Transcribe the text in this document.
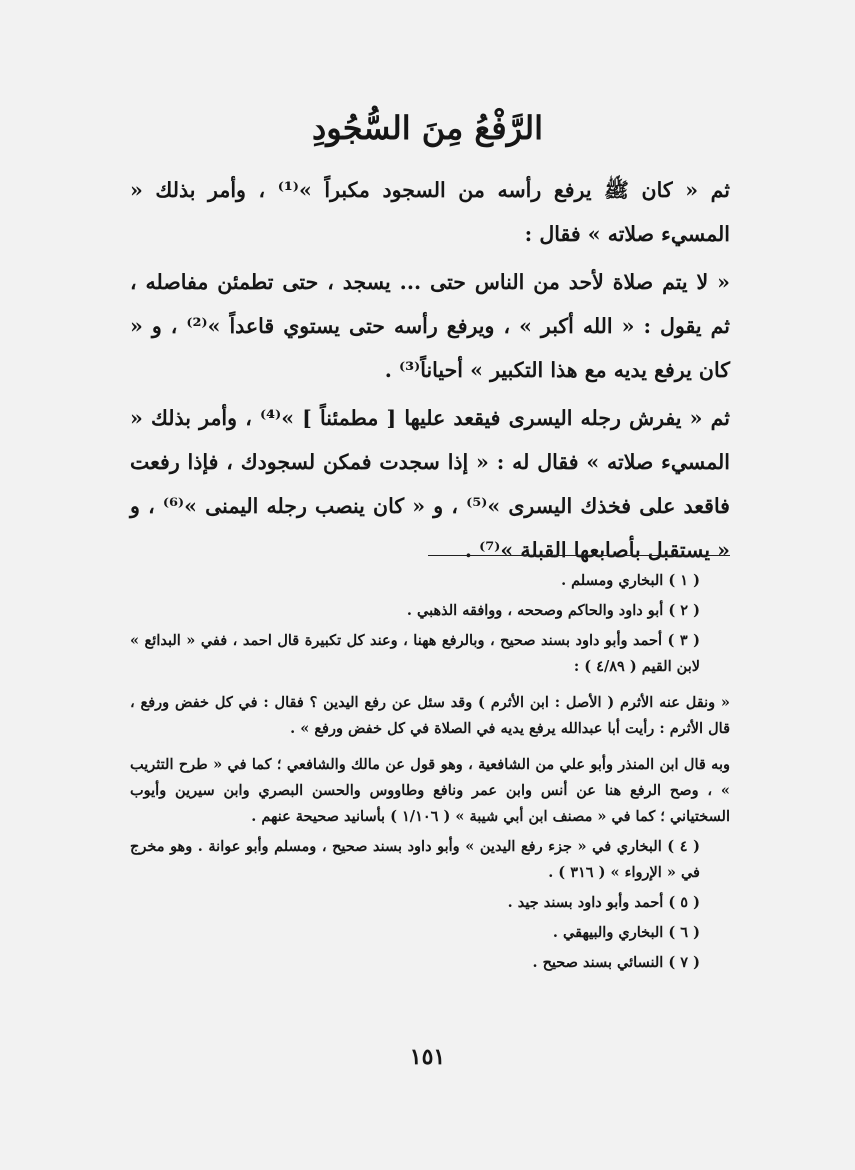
الرَّفْعُ مِنَ السُّجُودِ

ثم « كان ﷺ يرفع رأسه من السجود مكبراً »⁽¹⁾ ، وأمر بذلك « المسيء صلاته » فقال :

« لا يتم صلاة لأحد من الناس حتى ... يسجد ، حتى تطمئن مفاصله ، ثم يقول : « الله أكبر » ، ويرفع رأسه حتى يستوي قاعداً »⁽²⁾ ، و « كان يرفع يديه مع هذا التكبير » أحياناً⁽³⁾ .

ثم « يفرش رجله اليسرى فيقعد عليها [ مطمئناً ] »⁽⁴⁾ ، وأمر بذلك « المسيء صلاته » فقال له : « إذا سجدت فمكن لسجودك ، فإذا رفعت فاقعد على فخذك اليسرى »⁽⁵⁾ ، و « كان ينصب رجله اليمنى »⁽⁶⁾ ، و « يستقبل بأصابعها القبلة »⁽⁷⁾ .

( ١ ) البخاري ومسلم .

( ٢ ) أبو داود والحاكم وصححه ، ووافقه الذهبي .

( ٣ ) أحمد وأبو داود بسند صحيح ، وبالرفع ههنا ، وعند كل تكبيرة قال احمد ، ففي « البدائع » لابن القيم ( ٤/٨٩ ) :

« ونقل عنه الأثرم ( الأصل : ابن الأثرم ) وقد سئل عن رفع اليدين ؟ فقال : في كل خفض ورفع ، قال الأثرم : رأيت أبا عبدالله يرفع يديه في الصلاة في كل خفض ورفع » .

وبه قال ابن المنذر وأبو علي من الشافعية ، وهو قول عن مالك والشافعي ؛ كما في « طرح التثريب » ، وصح الرفع هنا عن أنس وابن عمر ونافع وطاووس والحسن البصري وابن سيرين وأيوب السختياني ؛ كما في « مصنف ابن أبي شيبة » ( ١/١٠٦ ) بأسانيد صحيحة عنهم .

( ٤ ) البخاري في « جزء رفع اليدين » وأبو داود بسند صحيح ، ومسلم وأبو عوانة . وهو مخرج في « الإرواء » ( ٣١٦ ) .

( ٥ ) أحمد وأبو داود بسند جيد .

( ٦ ) البخاري والبيهقي .

( ٧ ) النسائي بسند صحيح .

١٥١
